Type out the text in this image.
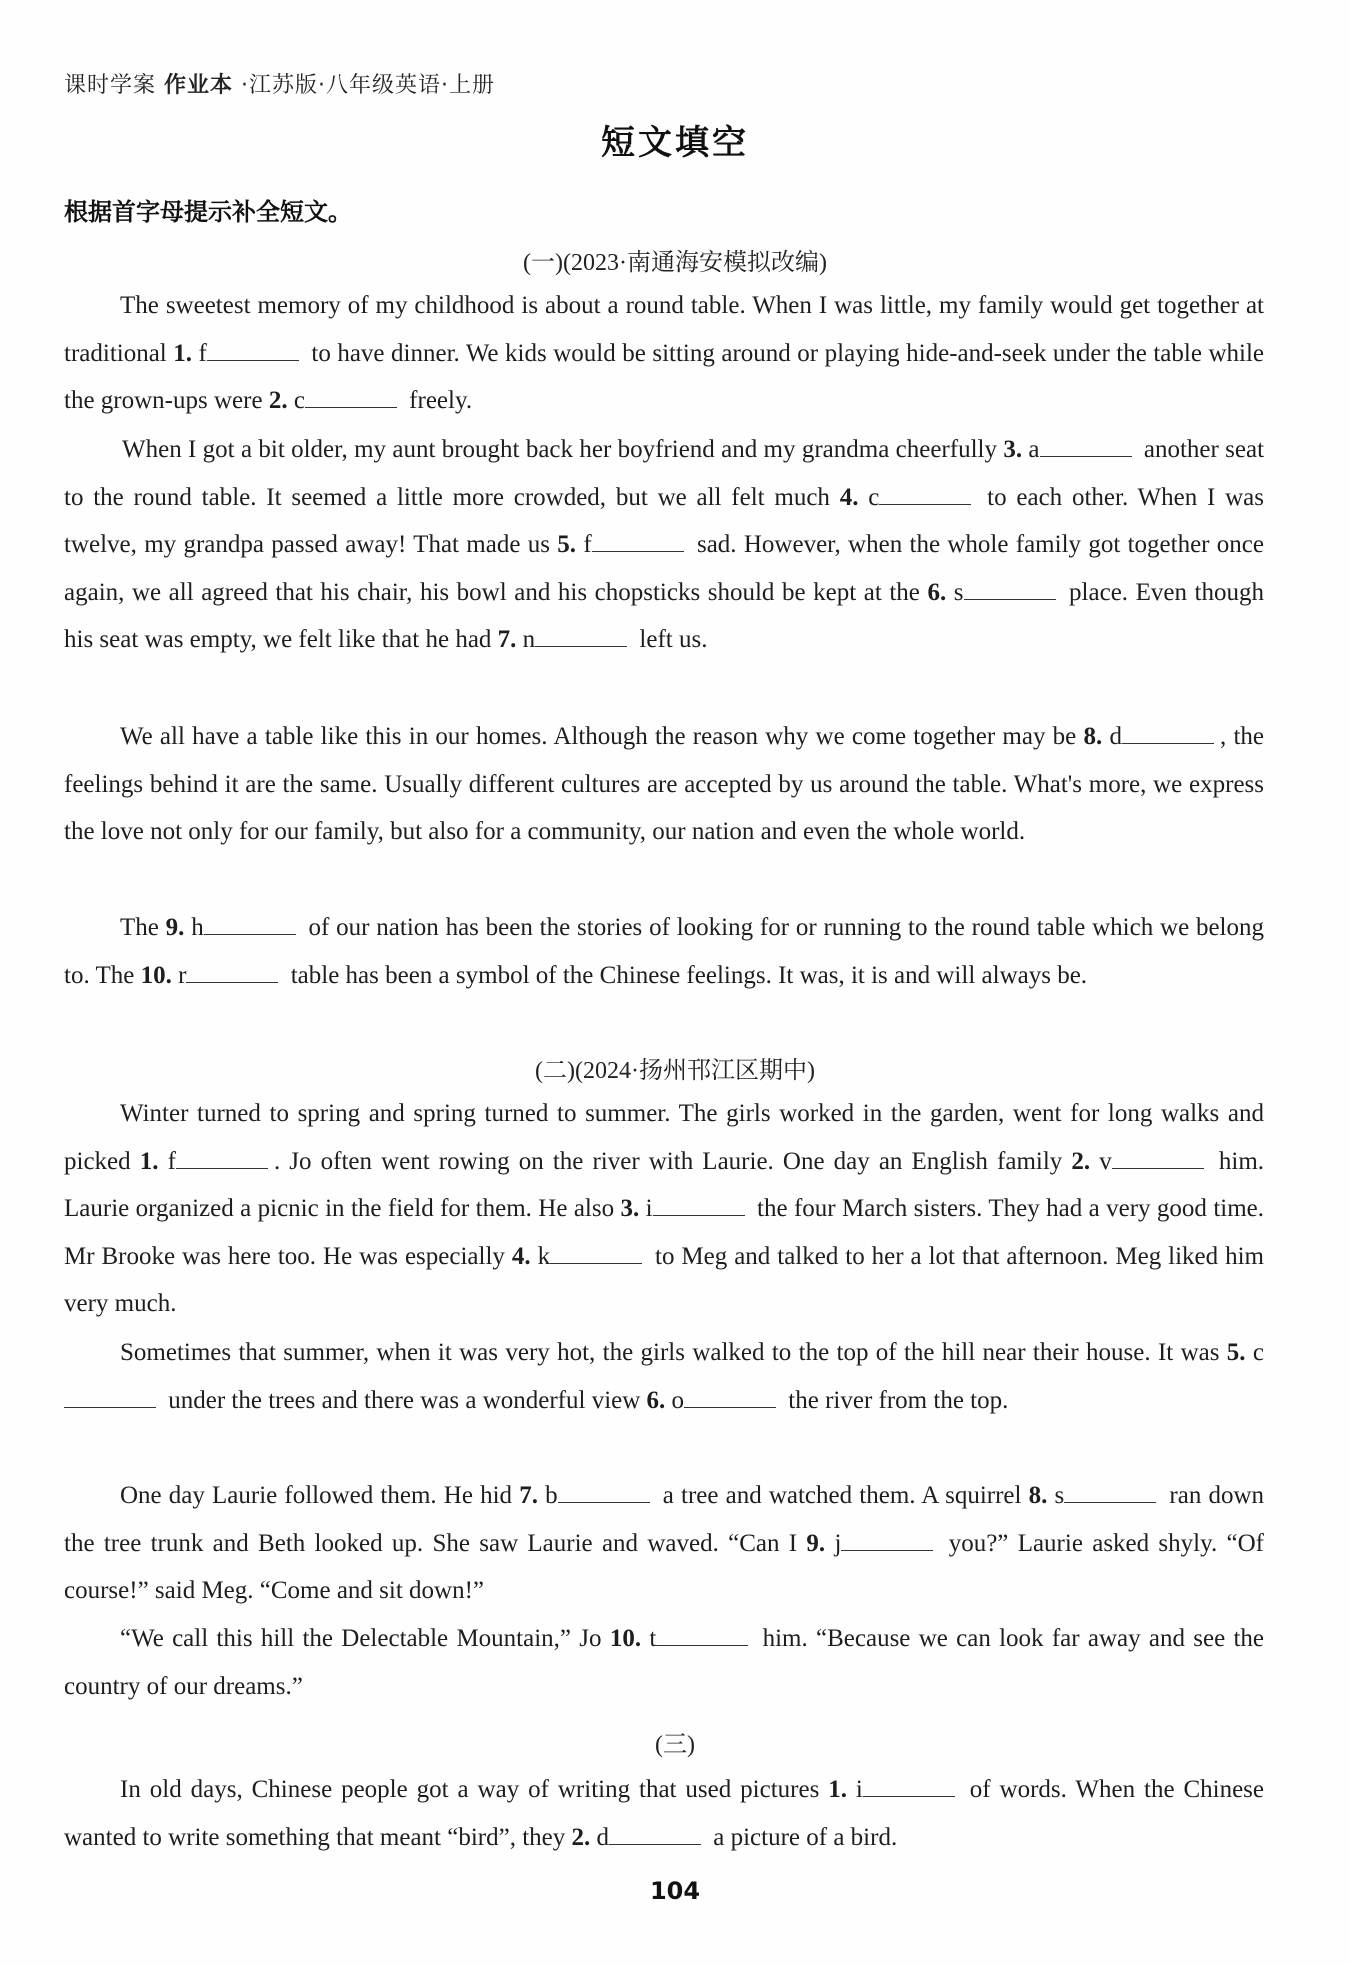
课时学案 作业本 ·江苏版·八年级英语·上册
短文填空
根据首字母提示补全短文。
(一)(2023·南通海安模拟改编)
The sweetest memory of my childhood is about a round table. When I was little, my family would get together at traditional 1. f	to have dinner. We kids would be sitting around or playing hide-and-seek under the table while the grown-ups were 2. c	freely.
When I got a bit older, my aunt brought back her boyfriend and my grandma cheerfully 3. a	another seat to the round table. It seemed a little more crowded, but we all felt much 4. c	to each other. When I was twelve, my grandpa passed away! That made us 5. f	sad. However, when the whole family got together once again, we all agreed that his chair, his bowl and his chopsticks should be kept at the 6. s	place. Even though his seat was empty, we felt like that he had 7. n	left us.
We all have a table like this in our homes. Although the reason why we come together may be 8. d	, the feelings behind it are the same. Usually different cultures are accepted by us around the table. What's more, we express the love not only for our family, but also for a community, our nation and even the whole world.
The 9. h	of our nation has been the stories of looking for or running to the round table which we belong to. The 10. r	table has been a symbol of the Chinese feelings. It was, it is and will always be.
(二)(2024·扬州邗江区期中)
Winter turned to spring and spring turned to summer. The girls worked in the garden, went for long walks and picked 1. f	. Jo often went rowing on the river with Laurie. One day an English family 2. v	him. Laurie organized a picnic in the field for them. He also 3. i	the four March sisters. They had a very good time. Mr Brooke was here too. He was especially 4. k	to Meg and talked to her a lot that afternoon. Meg liked him very much.
Sometimes that summer, when it was very hot, the girls walked to the top of the hill near their house. It was 5. c under the trees and there was a wonderful view 6. o	the river from the top.
One day Laurie followed them. He hid 7. b	a tree and watched them. A squirrel 8. s	ran down the tree trunk and Beth looked up. She saw Laurie and waved. “Can I 9. j	you?” Laurie asked shyly. “Of course!” said Meg. “Come and sit down!”
“We call this hill the Delectable Mountain,” Jo 10. t	him. “Because we can look far away and see the country of our dreams.”
(三)
In old days, Chinese people got a way of writing that used pictures 1. i	of words. When the Chinese wanted to write something that meant “bird”, they 2. d	a picture of a bird.
104
